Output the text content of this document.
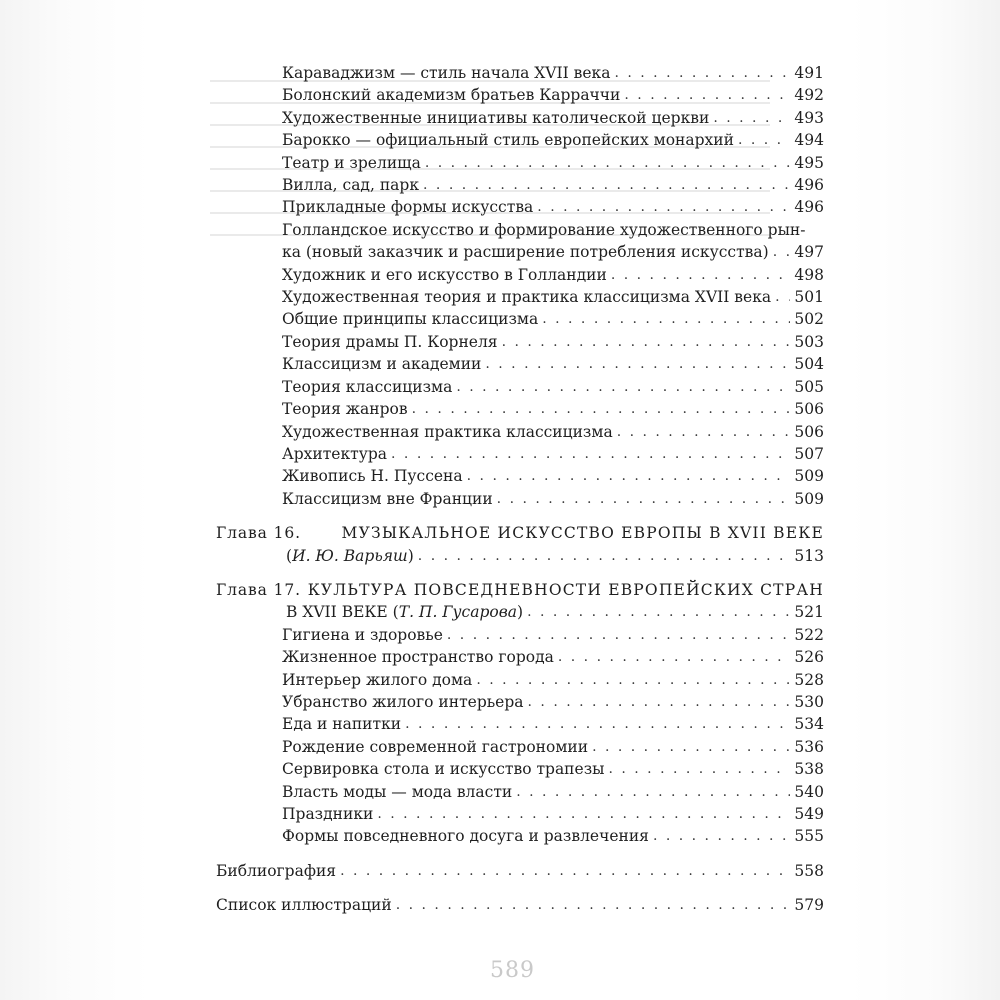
Караваджизм — стиль начала XVII века . . .	491
Болонский академизм братьев Карраччи . . .	492
Художественные инициативы католической церкви . . .	493
Барокко — официальный стиль европейских монархий . . .	494
Театр и зрелища . . .	495
Вилла, сад, парк . . .	496
Прикладные формы искусства . . .	496
Голландское искусство и формирование художественного рын-
ка (новый заказчик и расширение потребления искусства) . . . 497
Художник и его искусство в Голландии . . .	498
Художественная теория и практика классицизма XVII века . . . 501
Общие принципы классицизма . . .	502
Теория драмы П. Корнеля . . .	503
Классицизм и академии . . .	504
Теория классицизма . . .	505
Теория жанров . . .	506
Художественная практика классицизма . . .	506
Архитектура . . .	507
Живопись Н. Пуссена . . .	509
Классицизм вне Франции . . .	509
Глава 16.	МУЗЫКАЛЬНОЕ ИСКУССТВО ЕВРОПЫ В XVII ВЕКЕ
(И. Ю. Варьяш) . . .	513
Глава 17. КУЛЬТУРА ПОВСЕДНЕВНОСТИ ЕВРОПЕЙСКИХ СТРАН
В XVII ВЕКЕ (Т. П. Гусарова) . . .	521
Гигиена и здоровье . . .	522
Жизненное пространство города . . .	526
Интерьер жилого дома . . .	528
Убранство жилого интерьера . . .	530
Еда и напитки . . .	534
Рождение современной гастрономии . . .	536
Сервировка стола и искусство трапезы . . .	538
Власть моды — мода власти . . .	540
Праздники . . .	549
Формы повседневного досуга и развлечения . . .	555
Библиография . . .	558
Список иллюстраций . . .	579
589
